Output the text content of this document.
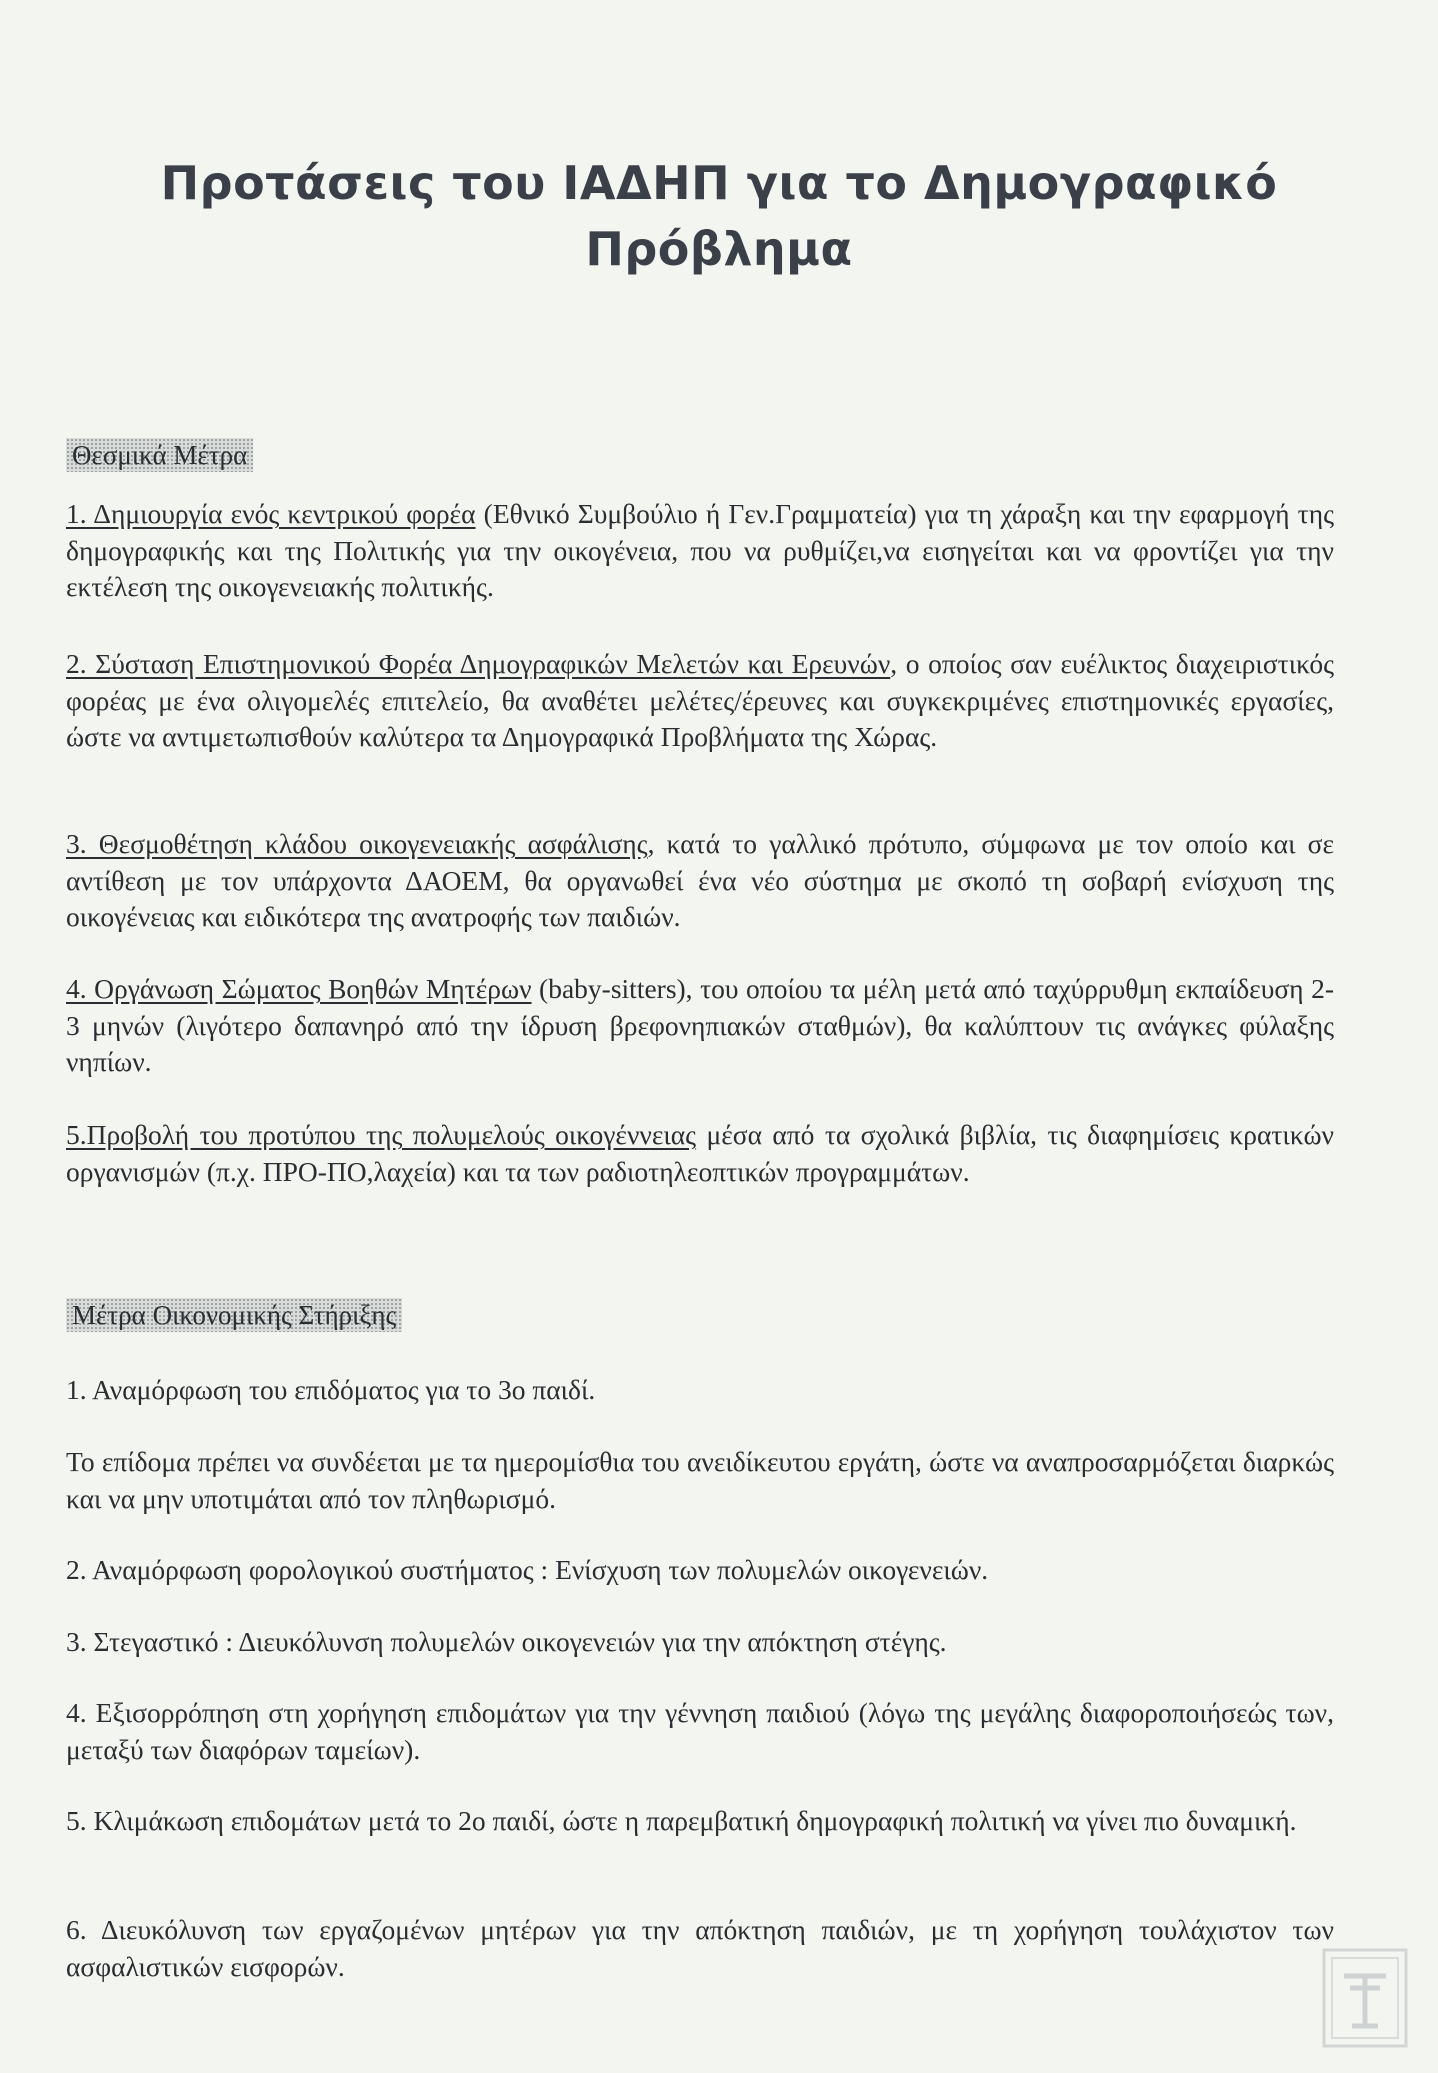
Προτάσεις του ΙΑΔΗΠ για το Δημογραφικό Πρόβλημα
Θεσμικά Μέτρα
1. Δημιουργία ενός κεντρικού φορέα (Εθνικό Συμβούλιο ή Γεν.Γραμματεία) για τη χάραξη και την εφαρμογή της δημογραφικής και της Πολιτικής για την οικογένεια, που να ρυθμίζει,να εισηγείται και να φροντίζει για την εκτέλεση της οικογενειακής πολιτικής.
2. Σύσταση Επιστημονικού Φορέα Δημογραφικών Μελετών και Ερευνών, ο οποίος σαν ευέλικτος διαχειριστικός φορέας με ένα ολιγομελές επιτελείο, θα αναθέτει μελέτες/έρευνες και συγκεκριμένες επιστημονικές εργασίες, ώστε να αντιμετωπισθούν καλύτερα τα Δημογραφικά Προβλήματα της Χώρας.
3. Θεσμοθέτηση κλάδου οικογενειακής ασφάλισης, κατά το γαλλικό πρότυπο, σύμφωνα με τον οποίο και σε αντίθεση με τον υπάρχοντα ΔΑΟΕΜ, θα οργανωθεί ένα νέο σύστημα με σκοπό τη σοβαρή ενίσχυση της οικογένειας και ειδικότερα της ανατροφής των παιδιών.
4. Οργάνωση Σώματος Βοηθών Μητέρων (baby-sitters), του οποίου τα μέλη μετά από ταχύρρυθμη εκπαίδευση 2-3 μηνών (λιγότερο δαπανηρό από την ίδρυση βρεφονηπιακών σταθμών), θα καλύπτουν τις ανάγκες φύλαξης νηπίων.
5.Προβολή του προτύπου της πολυμελούς οικογέννειας μέσα από τα σχολικά βιβλία, τις διαφημίσεις κρατικών οργανισμών (π.χ. ΠΡΟ-ΠΟ,λαχεία) και τα των ραδιοτηλεοπτικών προγραμμάτων.
Μέτρα Οικονομικής Στήριξης
1. Αναμόρφωση του επιδόματος για το 3ο παιδί.
Το επίδομα πρέπει να συνδέεται με τα ημερομίσθια του ανειδίκευτου εργάτη, ώστε να αναπροσαρμόζεται διαρκώς και να μην υποτιμάται από τον πληθωρισμό.
2. Αναμόρφωση φορολογικού συστήματος : Ενίσχυση των πολυμελών οικογενειών.
3. Στεγαστικό : Διευκόλυνση πολυμελών οικογενειών για την απόκτηση στέγης.
4. Εξισορρόπηση στη χορήγηση επιδομάτων για την γέννηση παιδιού (λόγω της μεγάλης διαφοροποιήσεώς των, μεταξύ των διαφόρων ταμείων).
5. Κλιμάκωση επιδομάτων μετά το 2ο παιδί, ώστε η παρεμβατική δημογραφική πολιτική να γίνει πιο δυναμική.
6. Διευκόλυνση των εργαζομένων μητέρων για την απόκτηση παιδιών, με τη χορήγηση τουλάχιστον των ασφαλιστικών εισφορών.
